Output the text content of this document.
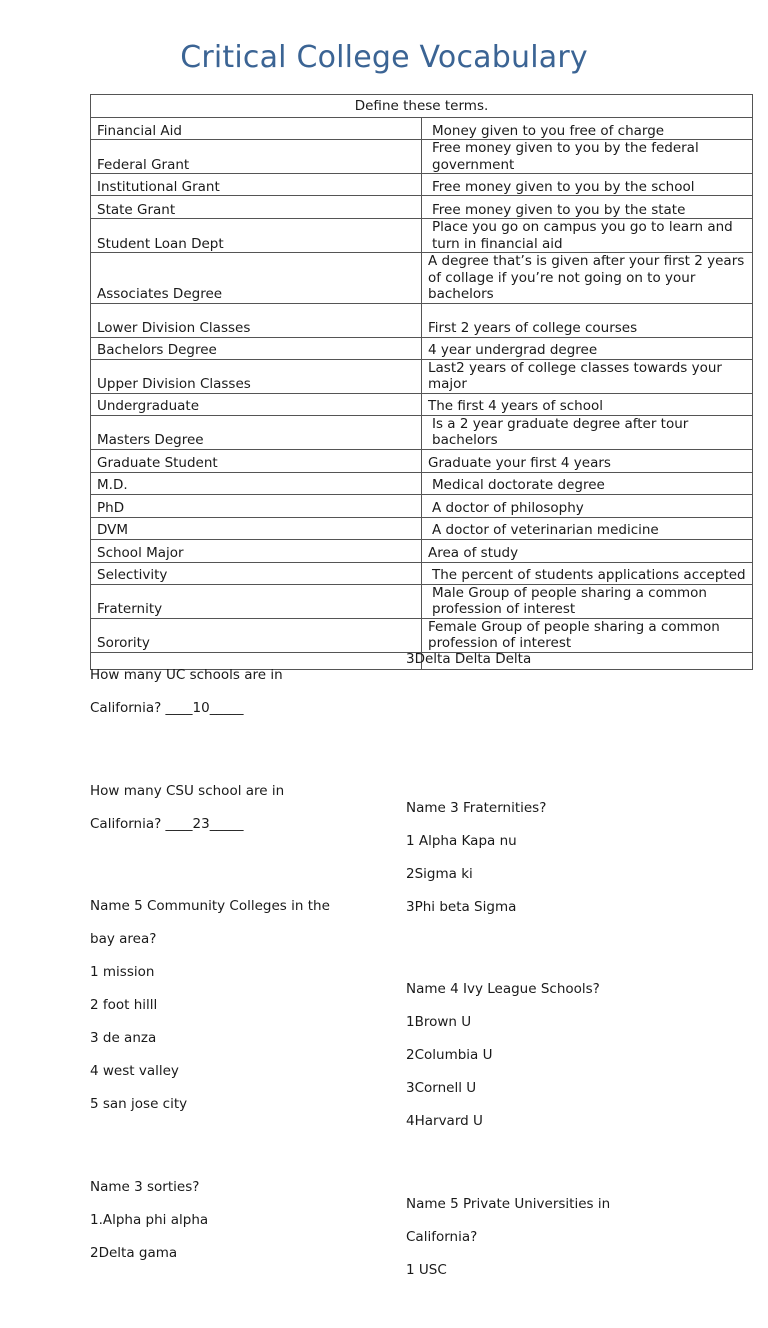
Critical College Vocabulary
Define these terms.	
Financial Aid	Money given to you free of charge
Federal Grant	Free money given to you by the federal government
Institutional Grant	Free money given to you by the school
State Grant	Free money given to you by the state
Student Loan Dept	Place you go on campus you go to learn and turn in financial aid
Associates Degree	A degree that’s is given after your first 2 years of collage if you’re not going on to your bachelors
Lower Division Classes	First 2 years of college courses
Bachelors Degree	4 year undergrad degree
Upper Division Classes	Last2 years of college classes towards your major
Undergraduate	The first 4 years of school
Masters Degree	Is a 2 year graduate degree after tour bachelors
Graduate Student	Graduate your first 4 years
M.D.	Medical doctorate degree
PhD	A doctor of philosophy
DVM	A doctor of veterinarian medicine
School Major	Area of study
Selectivity	The percent of students applications accepted
Fraternity	Male Group of people sharing a common profession of interest
Sorority	Female Group of people sharing a common profession of interest

How many UC schools are in

California? ____10_____

How many CSU school are in

California? ____23_____

Name 5 Community Colleges in the

bay area?

1 mission

2 foot hilll

3 de anza

4 west valley

5 san jose city

Name 3 sorties?

1.Alpha phi alpha

2Delta gama

3Delta Delta Delta

Name 3 Fraternities?

1 Alpha Kapa nu

2Sigma ki

3Phi beta Sigma

Name 4 Ivy League Schools?

1Brown U

2Columbia U

3Cornell U

4Harvard U

Name 5 Private Universities in

California?

1 USC
